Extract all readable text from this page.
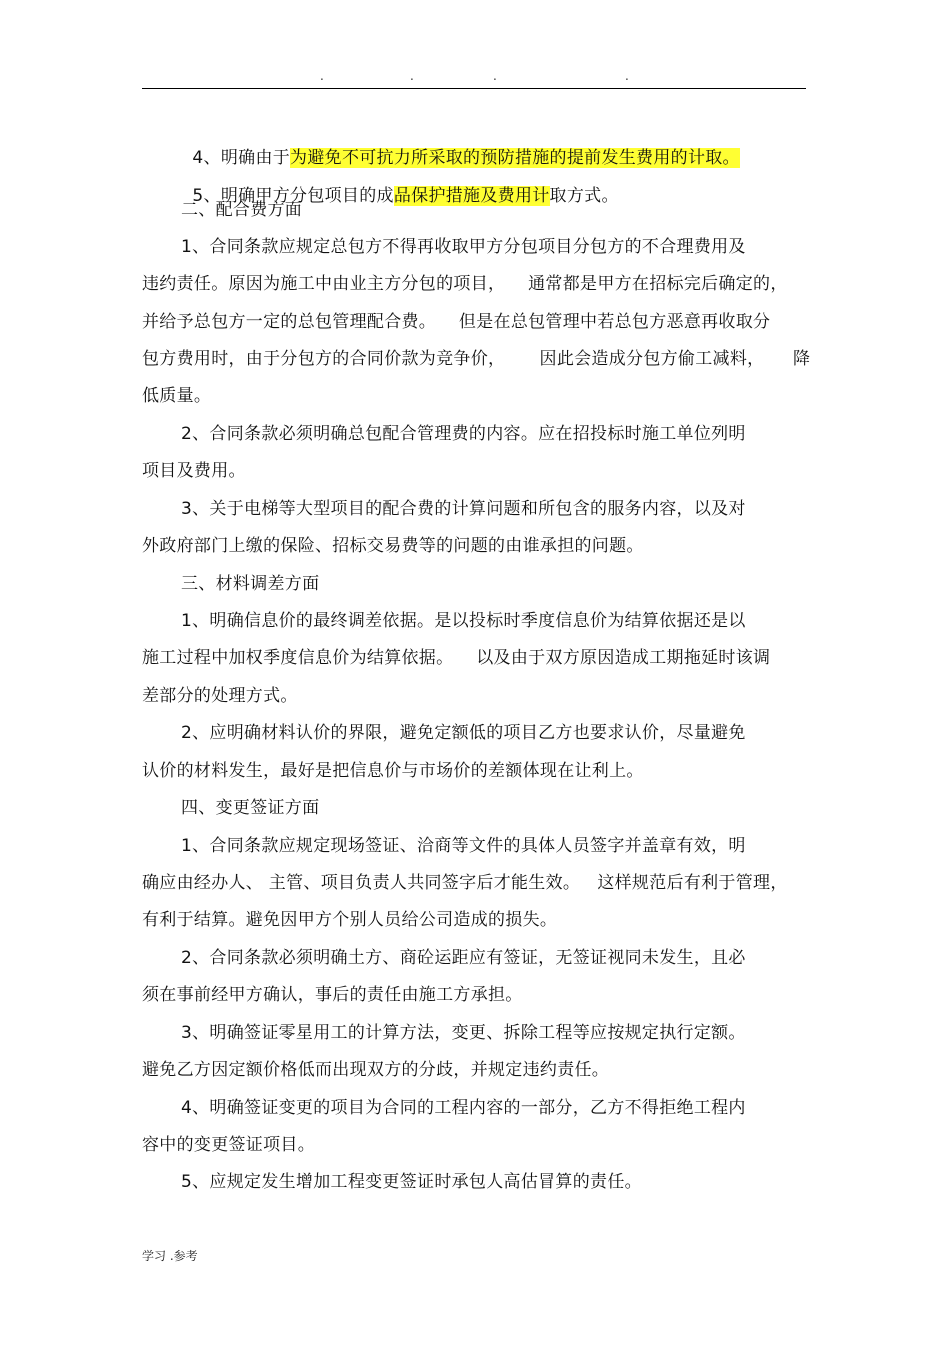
.	.	.	.

4、明确由于为避免不可抗力所采取的预防措施的提前发生费用的计取。

5、明确甲方分包项目的成品保护措施及费用计取方式。

二、配合费方面
1、合同条款应规定总包方不得再收取甲方分包项目分包方的不合理费用及
违约责任。原因为施工中由业主方分包的项目，    通常都是甲方在招标完后确定的，
并给予总包方一定的总包管理配合费。    但是在总包管理中若总包方恶意再收取分
包方费用时，由于分包方的合同价款为竞争价，      因此会造成分包方偷工减料，     降
低质量。
2、合同条款必须明确总包配合管理费的内容。应在招投标时施工单位列明
项目及费用。
3、关于电梯等大型项目的配合费的计算问题和所包含的服务内容，以及对
外政府部门上缴的保险、招标交易费等的问题的由谁承担的问题。
三、材料调差方面
1、明确信息价的最终调差依据。是以投标时季度信息价为结算依据还是以
施工过程中加权季度信息价为结算依据。    以及由于双方原因造成工期拖延时该调
差部分的处理方式。
2、应明确材料认价的界限，避免定额低的项目乙方也要求认价，尽量避免
认价的材料发生，最好是把信息价与市场价的差额体现在让利上。
四、变更签证方面
1、合同条款应规定现场签证、洽商等文件的具体人员签字并盖章有效，明
确应由经办人、 主管、项目负责人共同签字后才能生效。   这样规范后有利于管理，
有利于结算。避免因甲方个别人员给公司造成的损失。
2、合同条款必须明确土方、商砼运距应有签证，无签证视同未发生，且必
须在事前经甲方确认，事后的责任由施工方承担。
3、明确签证零星用工的计算方法，变更、拆除工程等应按规定执行定额。
避免乙方因定额价格低而出现双方的分歧，并规定违约责任。
4、明确签证变更的项目为合同的工程内容的一部分，乙方不得拒绝工程内
容中的变更签证项目。
5、应规定发生增加工程变更签证时承包人高估冒算的责任。
学习 .参考
